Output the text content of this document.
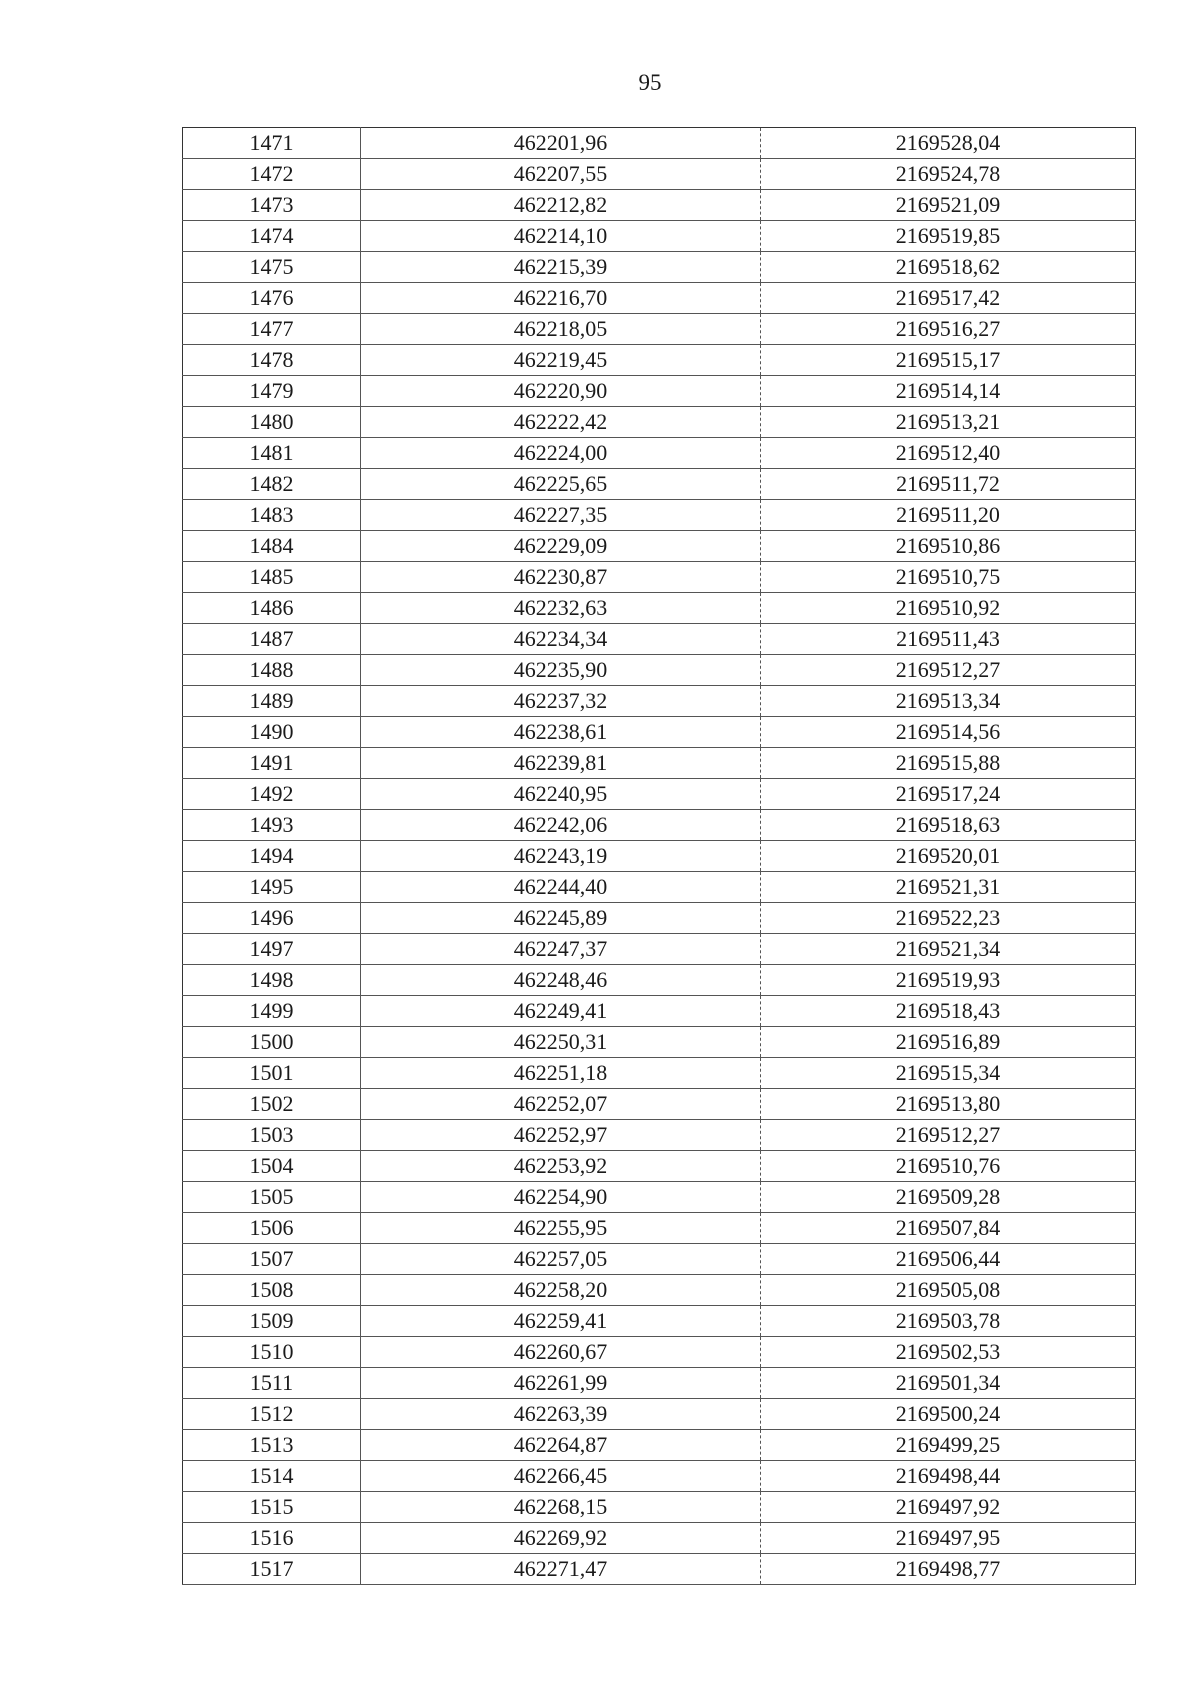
95
1471	462201,96	2169528,04
1472	462207,55	2169524,78
1473	462212,82	2169521,09
1474	462214,10	2169519,85
1475	462215,39	2169518,62
1476	462216,70	2169517,42
1477	462218,05	2169516,27
1478	462219,45	2169515,17
1479	462220,90	2169514,14
1480	462222,42	2169513,21
1481	462224,00	2169512,40
1482	462225,65	2169511,72
1483	462227,35	2169511,20
1484	462229,09	2169510,86
1485	462230,87	2169510,75
1486	462232,63	2169510,92
1487	462234,34	2169511,43
1488	462235,90	2169512,27
1489	462237,32	2169513,34
1490	462238,61	2169514,56
1491	462239,81	2169515,88
1492	462240,95	2169517,24
1493	462242,06	2169518,63
1494	462243,19	2169520,01
1495	462244,40	2169521,31
1496	462245,89	2169522,23
1497	462247,37	2169521,34
1498	462248,46	2169519,93
1499	462249,41	2169518,43
1500	462250,31	2169516,89
1501	462251,18	2169515,34
1502	462252,07	2169513,80
1503	462252,97	2169512,27
1504	462253,92	2169510,76
1505	462254,90	2169509,28
1506	462255,95	2169507,84
1507	462257,05	2169506,44
1508	462258,20	2169505,08
1509	462259,41	2169503,78
1510	462260,67	2169502,53
1511	462261,99	2169501,34
1512	462263,39	2169500,24
1513	462264,87	2169499,25
1514	462266,45	2169498,44
1515	462268,15	2169497,92
1516	462269,92	2169497,95
1517	462271,47	2169498,77
